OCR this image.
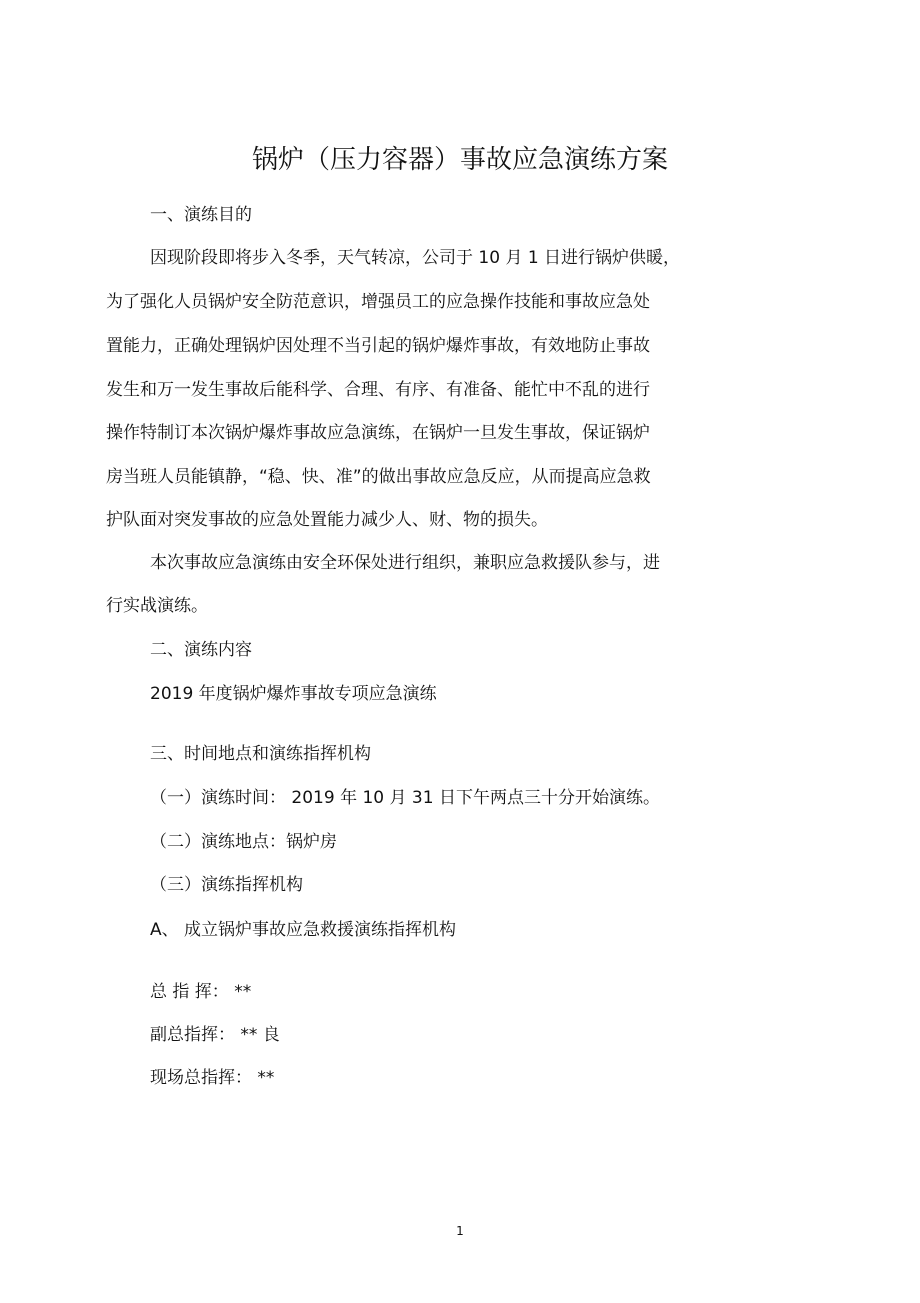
锅炉（压力容器）事故应急演练方案
一、演练目的
因现阶段即将步入冬季，天气转凉，公司于 10 月 1 日进行锅炉供暖，
为了强化人员锅炉安全防范意识，增强员工的应急操作技能和事故应急处
置能力，正确处理锅炉因处理不当引起的锅炉爆炸事故，有效地防止事故
发生和万一发生事故后能科学、合理、有序、有准备、能忙中不乱的进行
操作特制订本次锅炉爆炸事故应急演练，在锅炉一旦发生事故，保证锅炉
房当班人员能镇静，“稳、快、准”的做出事故应急反应，从而提高应急救
护队面对突发事故的应急处置能力减少人、财、物的损失。
本次事故应急演练由安全环保处进行组织，兼职应急救援队参与，进
行实战演练。
二、演练内容
2019 年度锅炉爆炸事故专项应急演练
三、时间地点和演练指挥机构
（一）演练时间： 2019 年 10 月 31 日下午两点三十分开始演练。
（二）演练地点：锅炉房
（三）演练指挥机构
A、 成立锅炉事故应急救援演练指挥机构
总 指 挥： **
副总指挥： ** 良
现场总指挥： **
1
